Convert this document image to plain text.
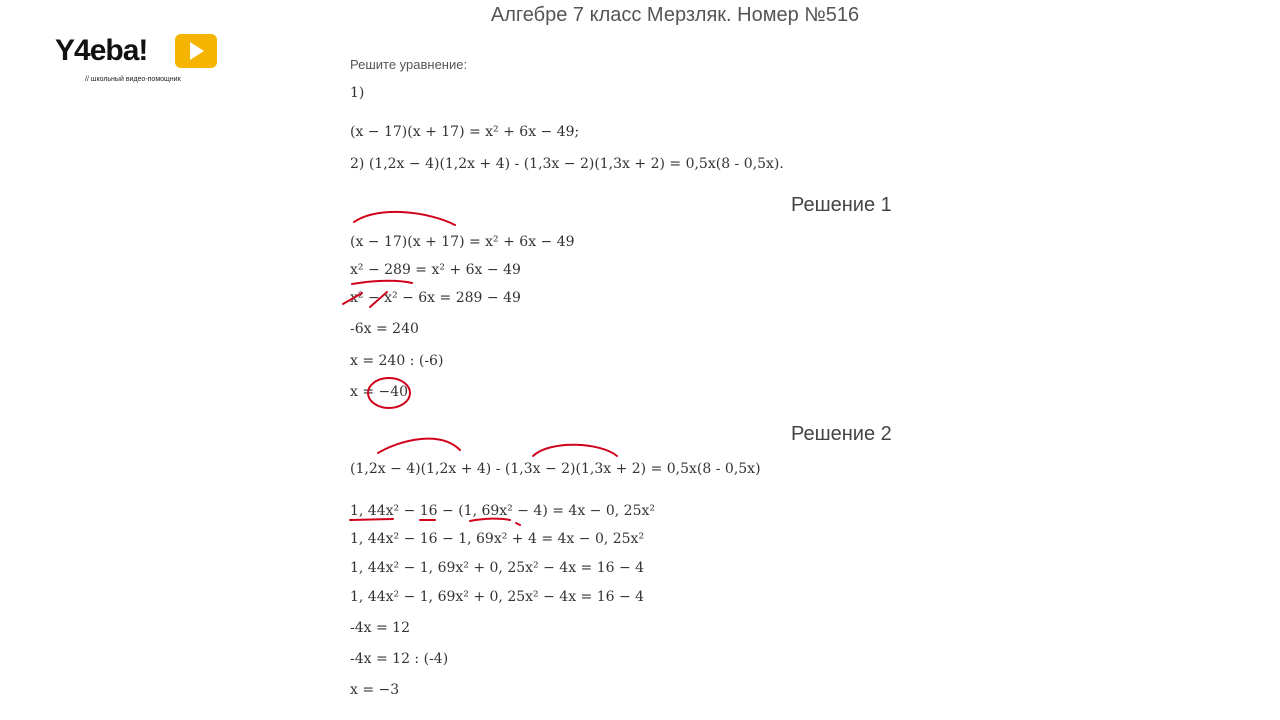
Алгебре 7 класс Мерзляк. Номер №516
Y4eba!
// школьный видео-помощник
Решите уравнение:
1)
(x − 17)(x + 17) = x² + 6x − 49;
2) (1,2x − 4)(1,2x + 4) - (1,3x − 2)(1,3x + 2) = 0,5x(8 - 0,5x).
Решение 1
(x − 17)(x + 17) = x² + 6x − 49
x² − 289 = x² + 6x − 49
x² − x² − 6x = 289 − 49
-6x = 240
x = 240 : (-6)
x = −40
Решение 2
(1,2x − 4)(1,2x + 4) - (1,3x − 2)(1,3x + 2) = 0,5x(8 - 0,5x)
1, 44x² − 16 − (1, 69x² − 4) = 4x − 0, 25x²
1, 44x² − 16 − 1, 69x² + 4 = 4x − 0, 25x²
1, 44x² − 1, 69x² + 0, 25x² − 4x = 16 − 4
1, 44x² − 1, 69x² + 0, 25x² − 4x = 16 − 4
-4x = 12
-4x = 12 : (-4)
x = −3
